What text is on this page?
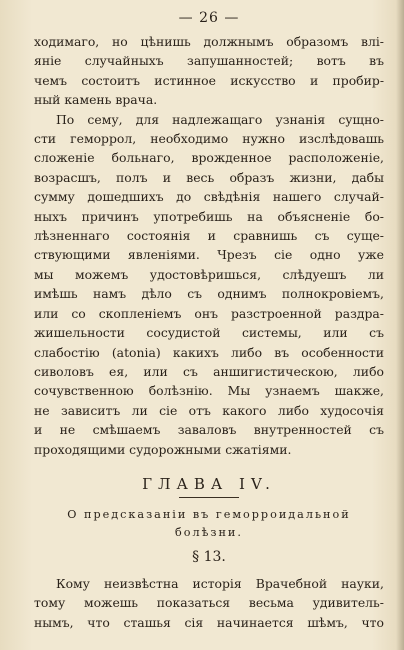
— 26 —
ходимаго, но цѣнишь должнымъ образомъ влі-
яніе случайныхъ запушанностей; вотъ въ
чемъ состоитъ истинное искусство и пробир-
ный камень врача.
По сему, для надлежащаго узнанія сущно-
сти геморрол, необходимо нужно изслѣдовашь
сложеніе больнаго, врожденное расположеніе,
возрасшъ, полъ и весь образъ жизни, дабы
сумму дошедшихъ до свѣдѣнія нашего случай-
ныхъ причинъ употребишь на объясненіе бо-
лѣзненнаго состоянія и сравнишь съ суще-
ствующими явленіями. Чрезъ сіе одно уже
мы можемъ удостовѣришься, слѣдуешъ ли
имѣшь намъ дѣло съ однимъ полнокровіемъ,
или со скопленіемъ онъ разстроенной раздра-
жишельности сосудистой системы, или съ
слабостію (atonia) какихъ либо въ особенности
сиволовъ ея, или съ аншигистическою, либо
сочувственною болѣзнію. Мы узнаемъ шакже,
не зависитъ ли сіе отъ какого либо худосочія
и не смѣшаемъ заваловъ внутренностей съ
проходящими судорожными сжатіями.
ГЛАВА IV.
О предсказаніи въ геморроидальной
болѣзни.
§ 13.
Кому неизвѣстна исторія Врачебной науки,
тому можешь показаться весьма удивитель-
нымъ, что сташья сія начинается шѣмъ, что
